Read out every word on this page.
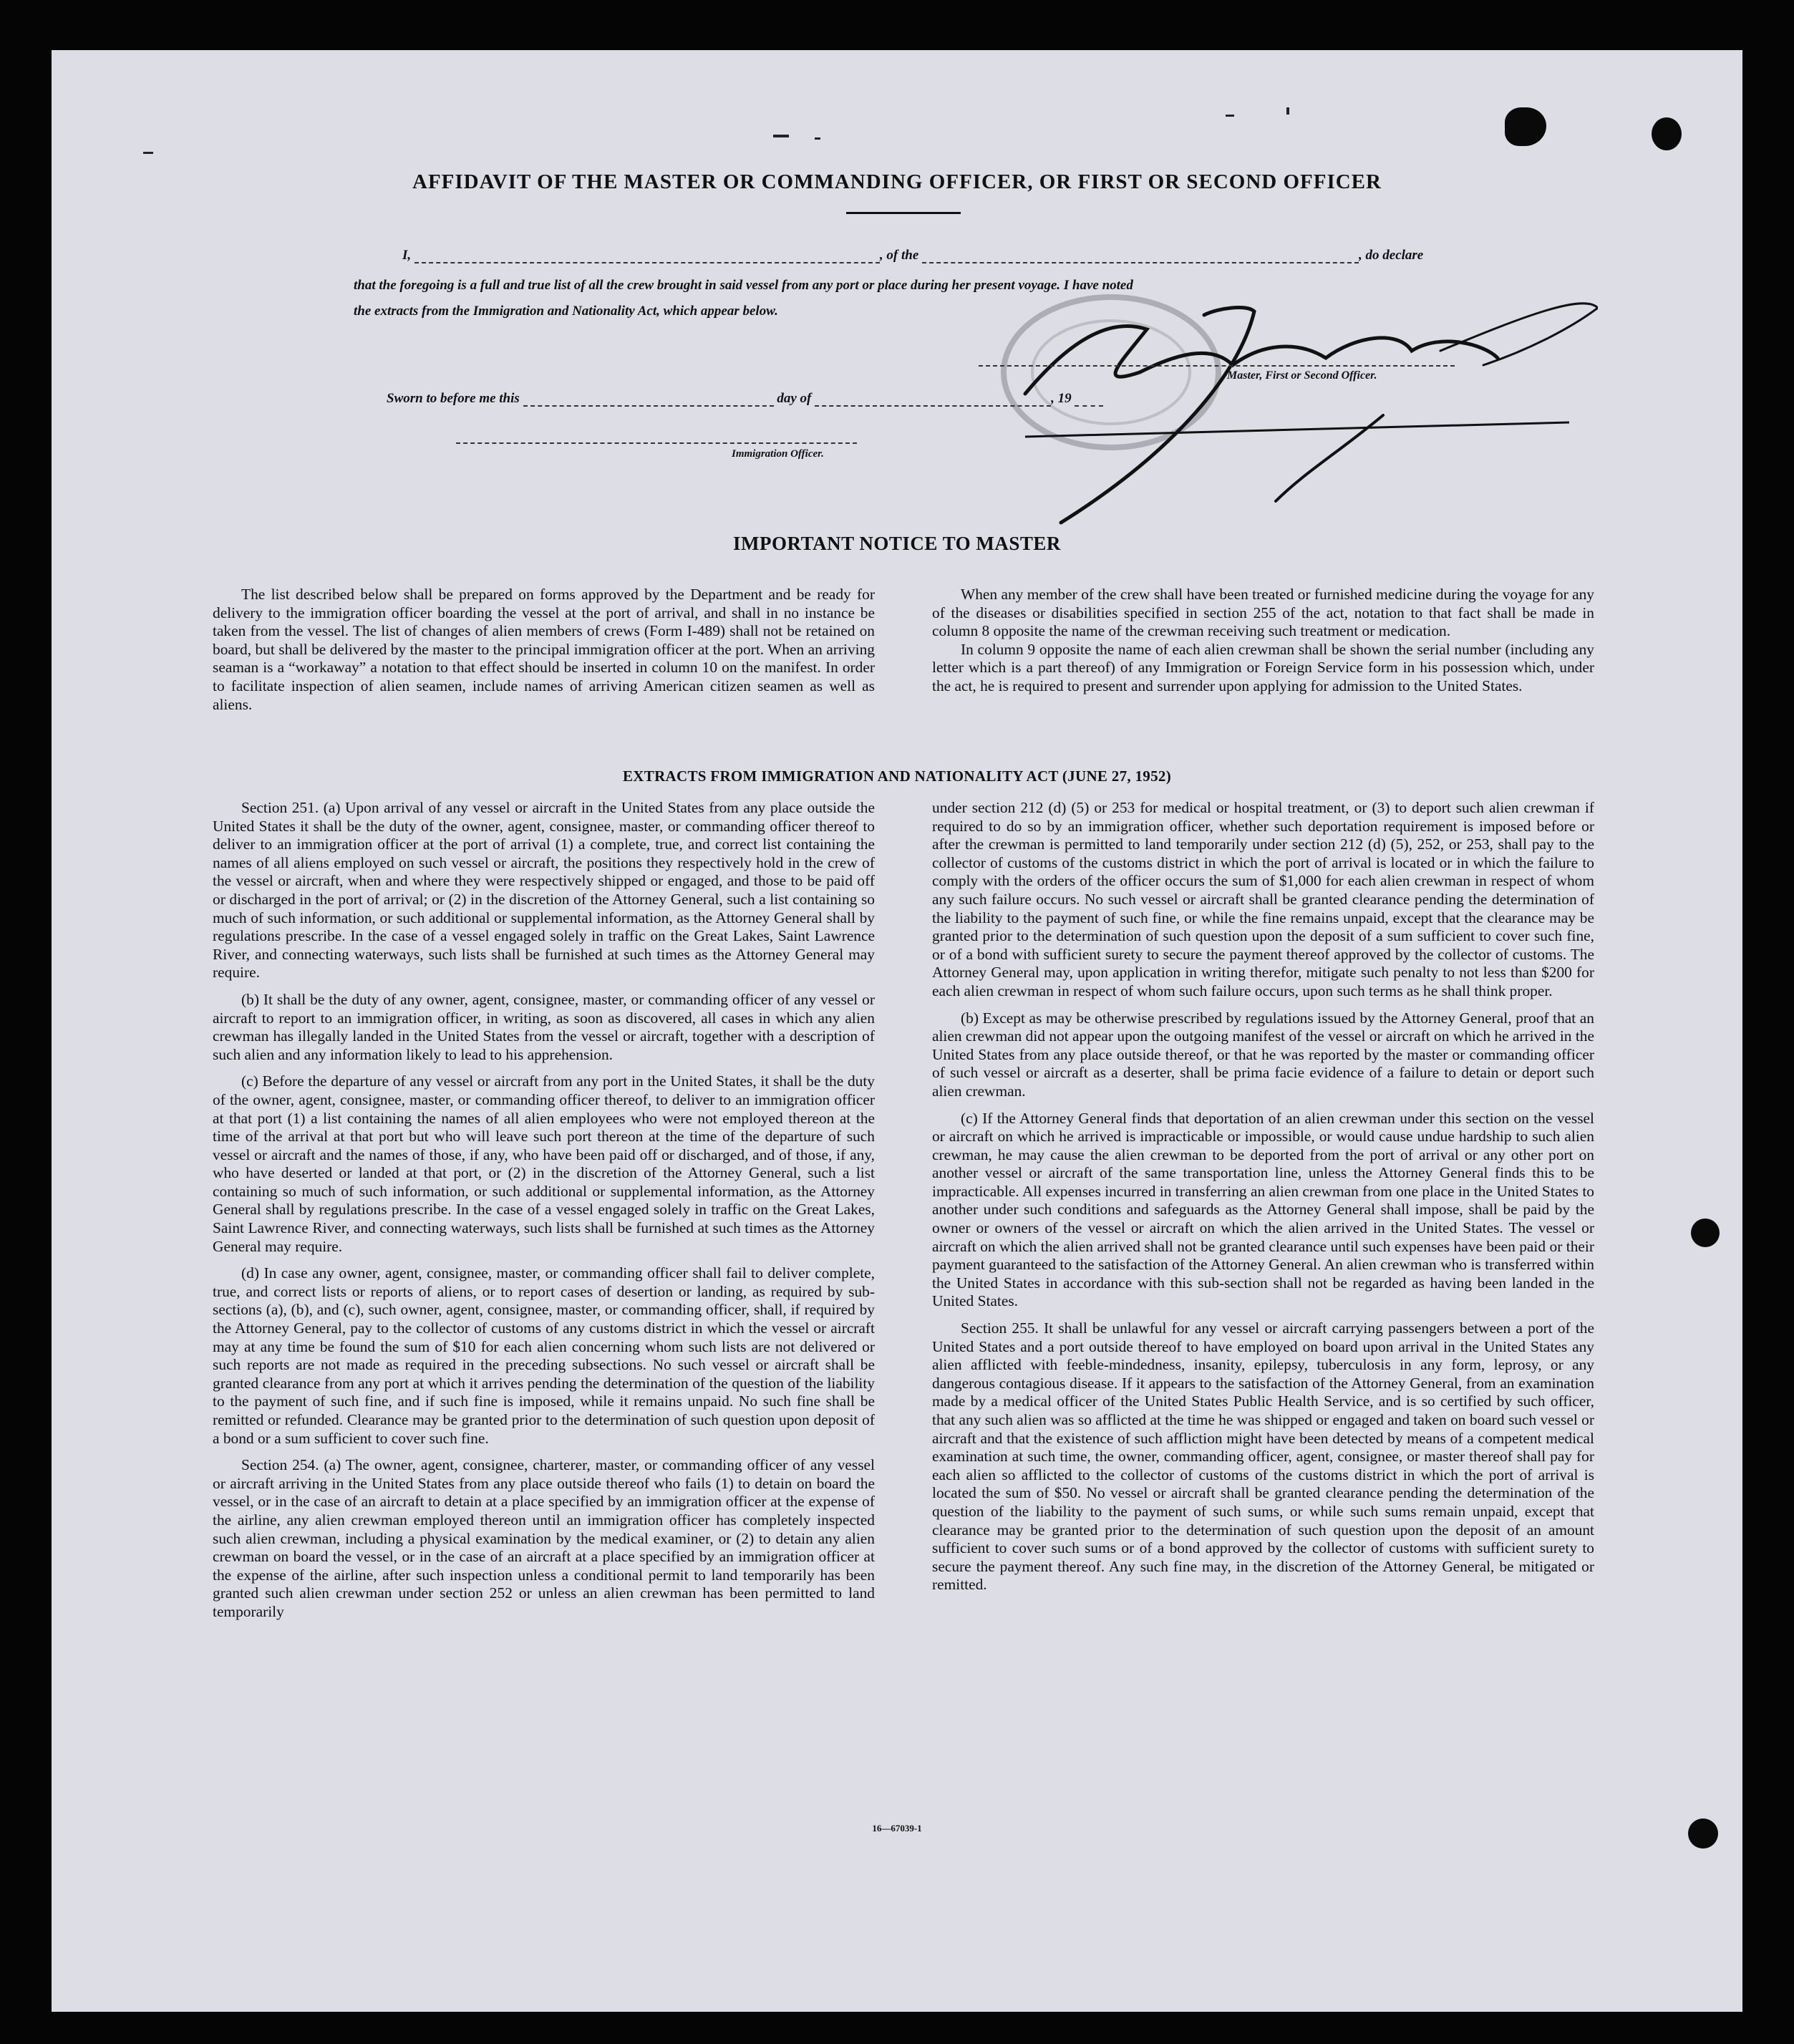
AFFIDAVIT OF THE MASTER OR COMMANDING OFFICER, OR FIRST OR SECOND OFFICER
I,	, of the	, do declare
that the foregoing is a full and true list of all the crew brought in said vessel from any port or place during her present voyage. I have noted
the extracts from the Immigration and Nationality Act, which appear below.
Master, First or Second Officer.
Sworn to before me this	day of	, 19
Immigration Officer.
IMPORTANT NOTICE TO MASTER

The list described below shall be prepared on forms approved by the Department and be ready for delivery to the immigration officer boarding the vessel at the port of arrival, and shall in no instance be taken from the vessel. The list of changes of alien members of crews (Form I-489) shall not be retained on board, but shall be delivered by the master to the principal immigration officer at the port. When an arriving seaman is a “workaway” a notation to that effect should be inserted in column 10 on the manifest. In order to facilitate inspection of alien seamen, include names of arriving American citizen seamen as well as aliens.

When any member of the crew shall have been treated or furnished medicine during the voyage for any of the diseases or disabilities specified in section 255 of the act, notation to that fact shall be made in column 8 opposite the name of the crewman receiving such treatment or medication.

In column 9 opposite the name of each alien crewman shall be shown the serial number (including any letter which is a part thereof) of any Immigration or Foreign Service form in his possession which, under the act, he is required to present and surrender upon applying for admission to the United States.

EXTRACTS FROM IMMIGRATION AND NATIONALITY ACT (JUNE 27, 1952)

Section 251. (a) Upon arrival of any vessel or aircraft in the United States from any place outside the United States it shall be the duty of the owner, agent, consignee, master, or commanding officer thereof to deliver to an immigration officer at the port of arrival (1) a complete, true, and correct list containing the names of all aliens employed on such vessel or aircraft, the positions they respectively hold in the crew of the vessel or aircraft, when and where they were respectively shipped or engaged, and those to be paid off or discharged in the port of arrival; or (2) in the discretion of the Attorney General, such a list containing so much of such information, or such additional or supplemental information, as the Attorney General shall by regulations prescribe. In the case of a vessel engaged solely in traffic on the Great Lakes, Saint Lawrence River, and connecting waterways, such lists shall be furnished at such times as the Attorney General may require.

(b) It shall be the duty of any owner, agent, consignee, master, or commanding officer of any vessel or aircraft to report to an immigration officer, in writing, as soon as discovered, all cases in which any alien crewman has illegally landed in the United States from the vessel or aircraft, together with a description of such alien and any information likely to lead to his apprehension.

(c) Before the departure of any vessel or aircraft from any port in the United States, it shall be the duty of the owner, agent, consignee, master, or commanding officer thereof, to deliver to an immigration officer at that port (1) a list containing the names of all alien employees who were not employed thereon at the time of the arrival at that port but who will leave such port thereon at the time of the departure of such vessel or aircraft and the names of those, if any, who have been paid off or discharged, and of those, if any, who have deserted or landed at that port, or (2) in the discretion of the Attorney General, such a list containing so much of such information, or such additional or supplemental information, as the Attorney General shall by regulations prescribe. In the case of a vessel engaged solely in traffic on the Great Lakes, Saint Lawrence River, and connecting waterways, such lists shall be furnished at such times as the Attorney General may require.

(d) In case any owner, agent, consignee, master, or commanding officer shall fail to deliver complete, true, and correct lists or reports of aliens, or to report cases of desertion or landing, as required by sub-sections (a), (b), and (c), such owner, agent, consignee, master, or commanding officer, shall, if required by the Attorney General, pay to the collector of customs of any customs district in which the vessel or aircraft may at any time be found the sum of $10 for each alien concerning whom such lists are not delivered or such reports are not made as required in the preceding subsections. No such vessel or aircraft shall be granted clearance from any port at which it arrives pending the determination of the question of the liability to the payment of such fine, and if such fine is imposed, while it remains unpaid. No such fine shall be remitted or refunded. Clearance may be granted prior to the determination of such question upon deposit of a bond or a sum sufficient to cover such fine.

Section 254. (a) The owner, agent, consignee, charterer, master, or commanding officer of any vessel or aircraft arriving in the United States from any place outside thereof who fails (1) to detain on board the vessel, or in the case of an aircraft to detain at a place specified by an immigration officer at the expense of the airline, any alien crewman employed thereon until an immigration officer has completely inspected such alien crewman, including a physical examination by the medical examiner, or (2) to detain any alien crewman on board the vessel, or in the case of an aircraft at a place specified by an immigration officer at the expense of the airline, after such inspection unless a conditional permit to land temporarily has been granted such alien crewman under section 252 or unless an alien crewman has been permitted to land temporarily

under section 212 (d) (5) or 253 for medical or hospital treatment, or (3) to deport such alien crewman if required to do so by an immigration officer, whether such deportation requirement is imposed before or after the crewman is permitted to land temporarily under section 212 (d) (5), 252, or 253, shall pay to the collector of customs of the customs district in which the port of arrival is located or in which the failure to comply with the orders of the officer occurs the sum of $1,000 for each alien crewman in respect of whom any such failure occurs. No such vessel or aircraft shall be granted clearance pending the determination of the liability to the payment of such fine, or while the fine remains unpaid, except that the clearance may be granted prior to the determination of such question upon the deposit of a sum sufficient to cover such fine, or of a bond with sufficient surety to secure the payment thereof approved by the collector of customs. The Attorney General may, upon application in writing therefor, mitigate such penalty to not less than $200 for each alien crewman in respect of whom such failure occurs, upon such terms as he shall think proper.

(b) Except as may be otherwise prescribed by regulations issued by the Attorney General, proof that an alien crewman did not appear upon the outgoing manifest of the vessel or aircraft on which he arrived in the United States from any place outside thereof, or that he was reported by the master or commanding officer of such vessel or aircraft as a deserter, shall be prima facie evidence of a failure to detain or deport such alien crewman.

(c) If the Attorney General finds that deportation of an alien crewman under this section on the vessel or aircraft on which he arrived is impracticable or impossible, or would cause undue hardship to such alien crewman, he may cause the alien crewman to be deported from the port of arrival or any other port on another vessel or aircraft of the same transportation line, unless the Attorney General finds this to be impracticable. All expenses incurred in transferring an alien crewman from one place in the United States to another under such conditions and safeguards as the Attorney General shall impose, shall be paid by the owner or owners of the vessel or aircraft on which the alien arrived in the United States. The vessel or aircraft on which the alien arrived shall not be granted clearance until such expenses have been paid or their payment guaranteed to the satisfaction of the Attorney General. An alien crewman who is transferred within the United States in accordance with this sub-section shall not be regarded as having been landed in the United States.

Section 255. It shall be unlawful for any vessel or aircraft carrying passengers between a port of the United States and a port outside thereof to have employed on board upon arrival in the United States any alien afflicted with feeble-mindedness, insanity, epilepsy, tuberculosis in any form, leprosy, or any dangerous contagious disease. If it appears to the satisfaction of the Attorney General, from an examination made by a medical officer of the United States Public Health Service, and is so certified by such officer, that any such alien was so afflicted at the time he was shipped or engaged and taken on board such vessel or aircraft and that the existence of such affliction might have been detected by means of a competent medical examination at such time, the owner, commanding officer, agent, consignee, or master thereof shall pay for each alien so afflicted to the collector of customs of the customs district in which the port of arrival is located the sum of $50. No vessel or aircraft shall be granted clearance pending the determination of the question of the liability to the payment of such sums, or while such sums remain unpaid, except that clearance may be granted prior to the determination of such question upon the deposit of an amount sufficient to cover such sums or of a bond approved by the collector of customs with sufficient surety to secure the payment thereof. Any such fine may, in the discretion of the Attorney General, be mitigated or remitted.

16—67039-1
